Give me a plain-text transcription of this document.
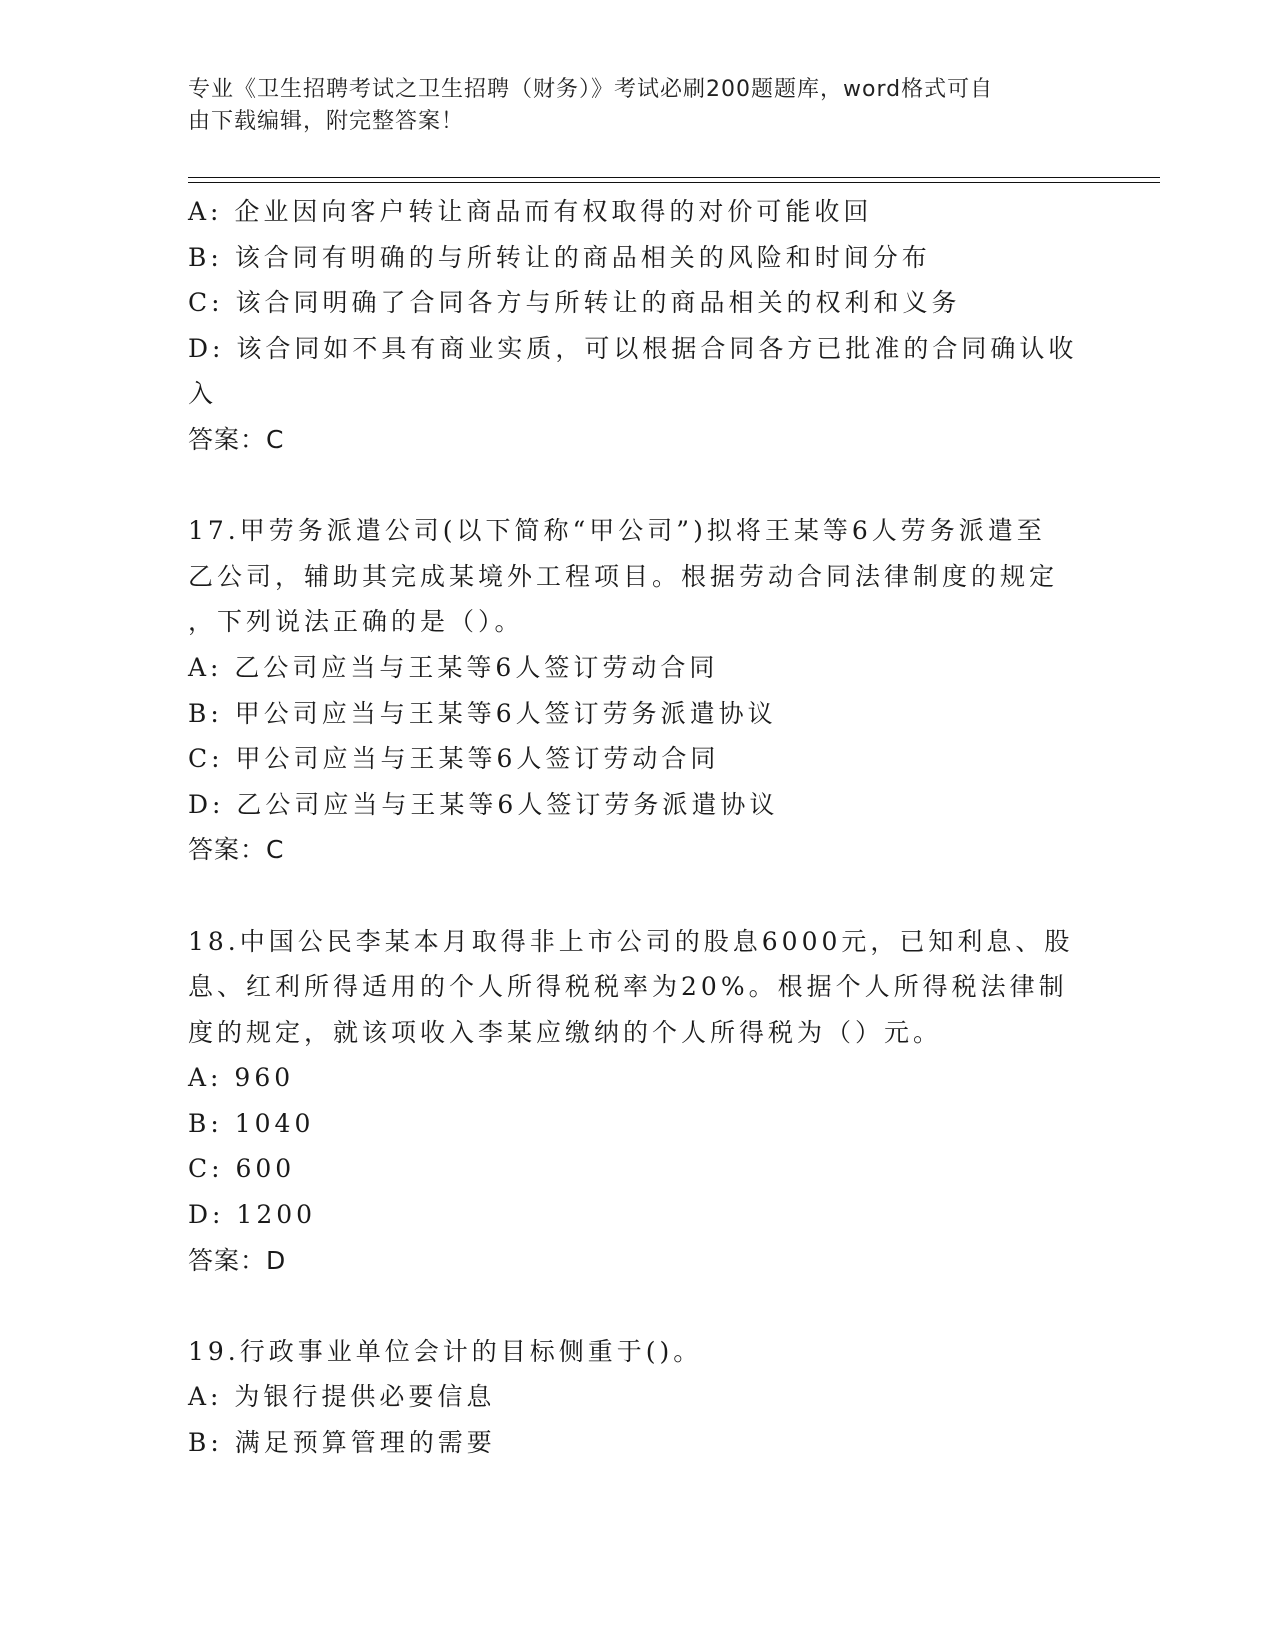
专业《卫生招聘考试之卫生招聘（财务）》考试必刷200题题库，word格式可自
由下载编辑，附完整答案！
A: 企业因向客户转让商品而有权取得的对价可能收回
B: 该合同有明确的与所转让的商品相关的风险和时间分布
C: 该合同明确了合同各方与所转让的商品相关的权利和义务
D: 该合同如不具有商业实质，可以根据合同各方已批准的合同确认收
入
答案：C
17.甲劳务派遣公司(以下简称“甲公司”)拟将王某等6人劳务派遣至
乙公司，辅助其完成某境外工程项目。根据劳动合同法律制度的规定
，下列说法正确的是（）。
A: 乙公司应当与王某等6人签订劳动合同
B: 甲公司应当与王某等6人签订劳务派遣协议
C: 甲公司应当与王某等6人签订劳动合同
D: 乙公司应当与王某等6人签订劳务派遣协议
答案：C
18.中国公民李某本月取得非上市公司的股息6000元，已知利息、股
息、红利所得适用的个人所得税税率为20%。根据个人所得税法律制
度的规定，就该项收入李某应缴纳的个人所得税为（）元。
A: 960
B: 1040
C: 600
D: 1200
答案：D
19.行政事业单位会计的目标侧重于()。
A: 为银行提供必要信息
B: 满足预算管理的需要
